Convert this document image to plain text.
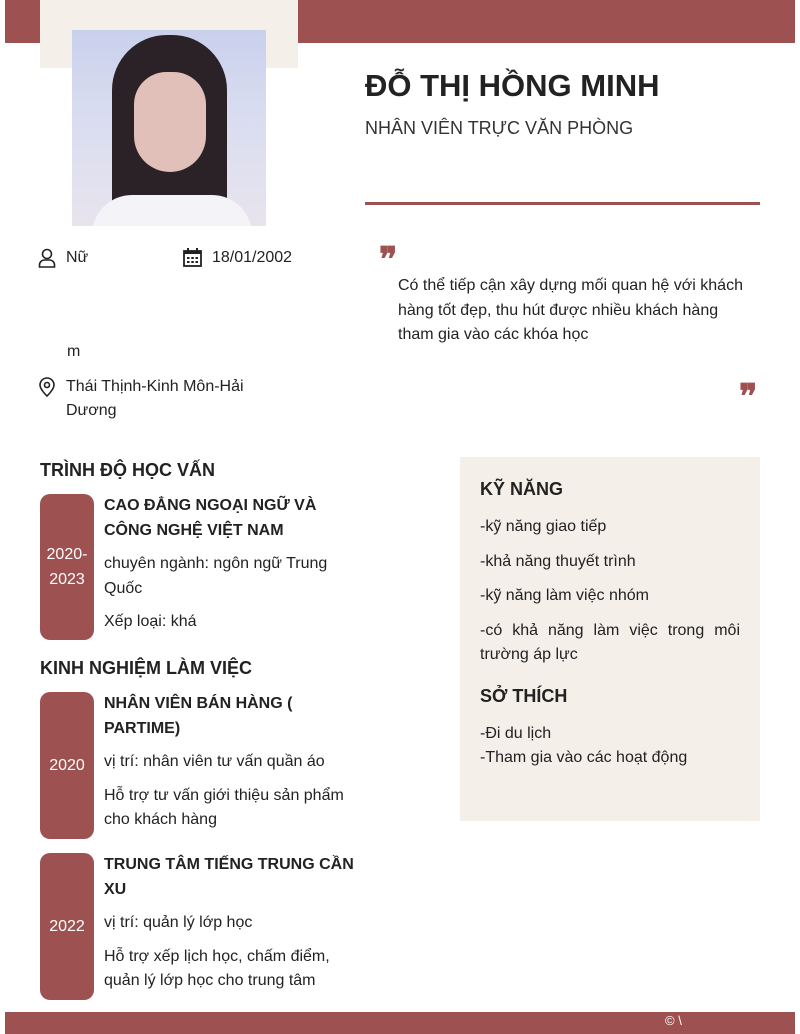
ĐỖ THỊ HỒNG MINH
NHÂN VIÊN TRỰC VĂN PHÒNG
Nữ	18/01/2002
m
Thái Thịnh-Kinh Môn-Hải Dương
❞
Có thể tiếp cận xây dựng mối quan hệ với khách hàng tốt đẹp, thu hút được nhiều khách hàng tham gia vào các khóa học
❞
TRÌNH ĐỘ HỌC VẤN
2020-2023
CAO ĐẲNG NGOẠI NGỮ VÀ CÔNG NGHỆ VIỆT NAM

chuyên ngành: ngôn ngữ Trung Quốc

Xếp loại: khá

KINH NGHIỆM LÀM VIỆC
2020
NHÂN VIÊN BÁN HÀNG ( PARTIME)

vị trí: nhân viên tư vấn quần áo

Hỗ trợ tư vấn giới thiệu sản phẩm cho khách hàng

2022
TRUNG TÂM TIẾNG TRUNG CẦN XU

vị trí: quản lý lớp học

Hỗ trợ xếp lịch học, chấm điểm, quản lý lớp học cho trung tâm

KỸ NĂNG

-kỹ năng giao tiếp

-khả năng thuyết trình

-kỹ năng làm việc nhóm

-có khả năng làm việc trong môi trường áp lực

SỞ THÍCH

-Đi du lịch

-Tham gia vào các hoạt động

© \
